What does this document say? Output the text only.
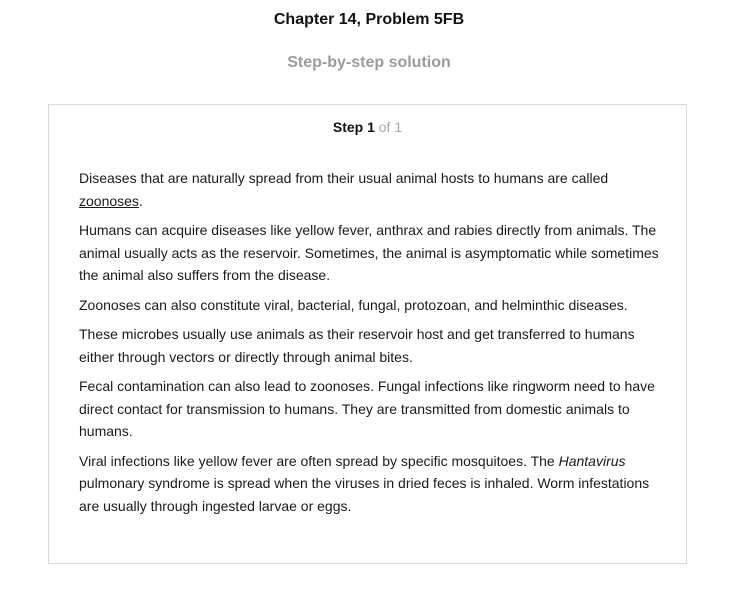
Chapter 14, Problem 5FB
Step-by-step solution
Step 1 of 1

Diseases that are naturally spread from their usual animal hosts to humans are called zoonoses.

Humans can acquire diseases like yellow fever, anthrax and rabies directly from animals. The animal usually acts as the reservoir. Sometimes, the animal is asymptomatic while sometimes the animal also suffers from the disease.

Zoonoses can also constitute viral, bacterial, fungal, protozoan, and helminthic diseases.

These microbes usually use animals as their reservoir host and get transferred to humans either through vectors or directly through animal bites.

Fecal contamination can also lead to zoonoses. Fungal infections like ringworm need to have direct contact for transmission to humans. They are transmitted from domestic animals to humans.

Viral infections like yellow fever are often spread by specific mosquitoes. The Hantavirus pulmonary syndrome is spread when the viruses in dried feces is inhaled. Worm infestations are usually through ingested larvae or eggs.
